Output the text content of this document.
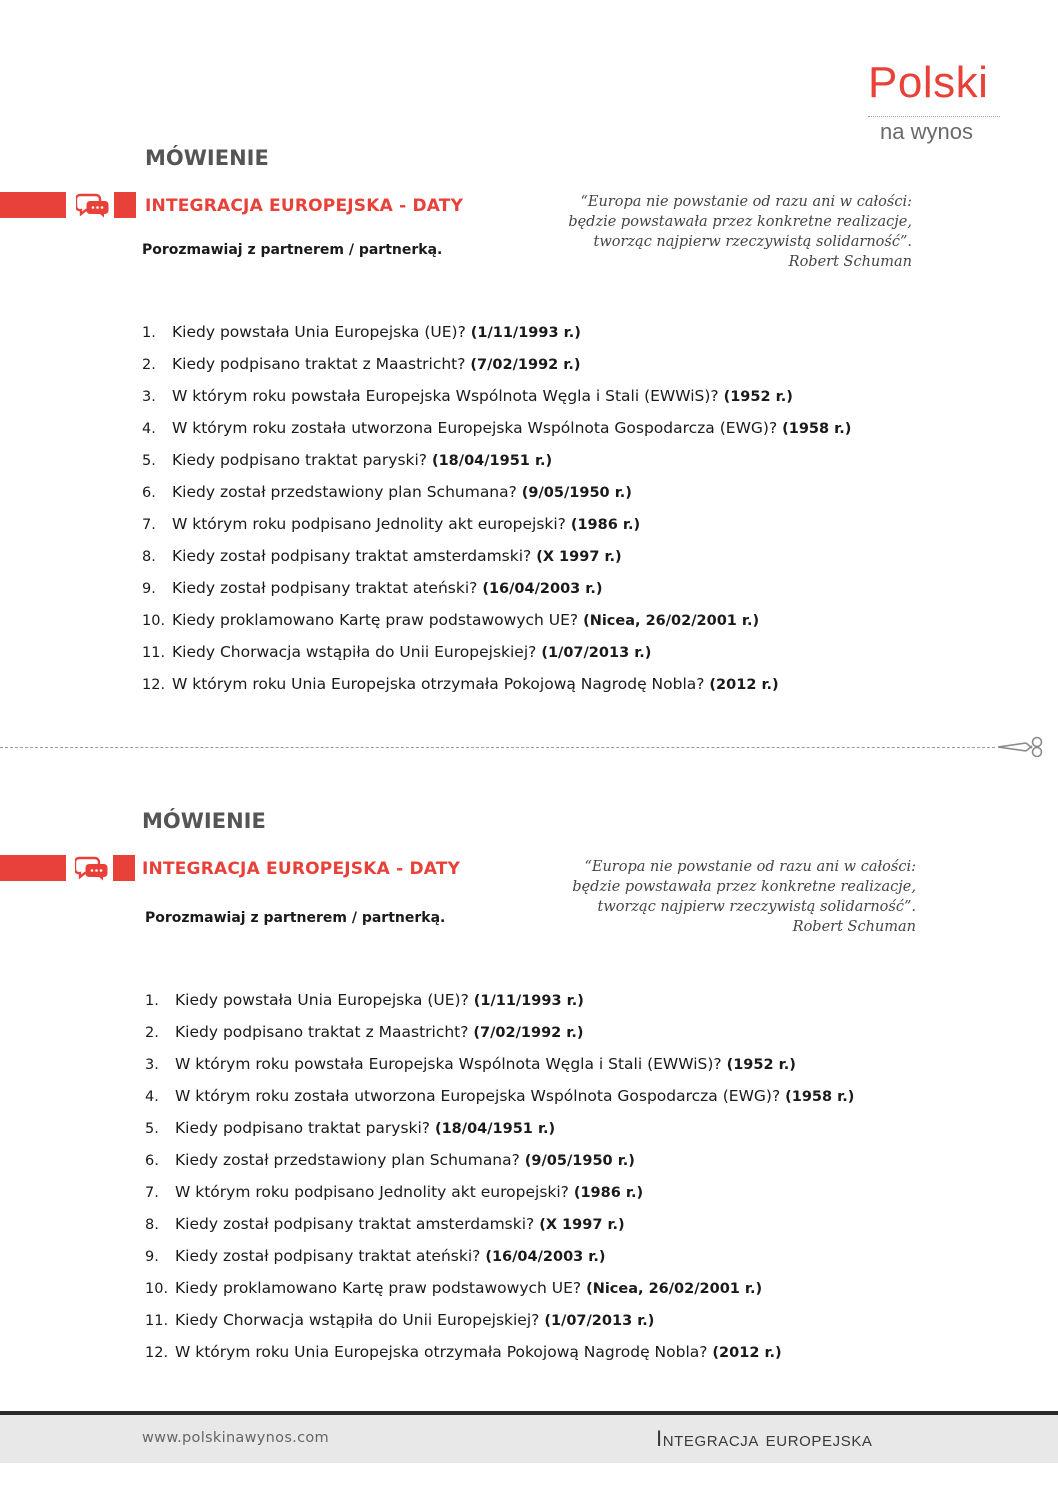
Polski
na wynos
MÓWIENIE
INTEGRACJA EUROPEJSKA - DATY
Porozmawiaj z partnerem / partnerką.
“Europa nie powstanie od razu ani w całości:
będzie powstawała przez konkretne realizacje,
tworząc najpierw rzeczywistą solidarność”.
Robert Schuman
1. Kiedy powstała Unia Europejska (UE)? (1/11/1993 r.)
2. Kiedy podpisano traktat z Maastricht? (7/02/1992 r.)
3. W którym roku powstała Europejska Wspólnota Węgla i Stali (EWWiS)? (1952 r.)
4. W którym roku została utworzona Europejska Wspólnota Gospodarcza (EWG)? (1958 r.)
5. Kiedy podpisano traktat paryski? (18/04/1951 r.)
6. Kiedy został przedstawiony plan Schumana? (9/05/1950 r.)
7. W którym roku podpisano Jednolity akt europejski? (1986 r.)
8. Kiedy został podpisany traktat amsterdamski? (X 1997 r.)
9. Kiedy został podpisany traktat ateński? (16/04/2003 r.)
10. Kiedy proklamowano Kartę praw podstawowych UE? (Nicea, 26/02/2001 r.)
11. Kiedy Chorwacja wstąpiła do Unii Europejskiej? (1/07/2013 r.)
12. W którym roku Unia Europejska otrzymała Pokojową Nagrodę Nobla? (2012 r.)
MÓWIENIE
INTEGRACJA EUROPEJSKA - DATY
Porozmawiaj z partnerem / partnerką.
“Europa nie powstanie od razu ani w całości:
będzie powstawała przez konkretne realizacje,
tworząc najpierw rzeczywistą solidarność”.
Robert Schuman
1. Kiedy powstała Unia Europejska (UE)? (1/11/1993 r.)
2. Kiedy podpisano traktat z Maastricht? (7/02/1992 r.)
3. W którym roku powstała Europejska Wspólnota Węgla i Stali (EWWiS)? (1952 r.)
4. W którym roku została utworzona Europejska Wspólnota Gospodarcza (EWG)? (1958 r.)
5. Kiedy podpisano traktat paryski? (18/04/1951 r.)
6. Kiedy został przedstawiony plan Schumana? (9/05/1950 r.)
7. W którym roku podpisano Jednolity akt europejski? (1986 r.)
8. Kiedy został podpisany traktat amsterdamski? (X 1997 r.)
9. Kiedy został podpisany traktat ateński? (16/04/2003 r.)
10. Kiedy proklamowano Kartę praw podstawowych UE? (Nicea, 26/02/2001 r.)
11. Kiedy Chorwacja wstąpiła do Unii Europejskiej? (1/07/2013 r.)
12. W którym roku Unia Europejska otrzymała Pokojową Nagrodę Nobla? (2012 r.)
www.polskinawynos.com	Integracja europejska
